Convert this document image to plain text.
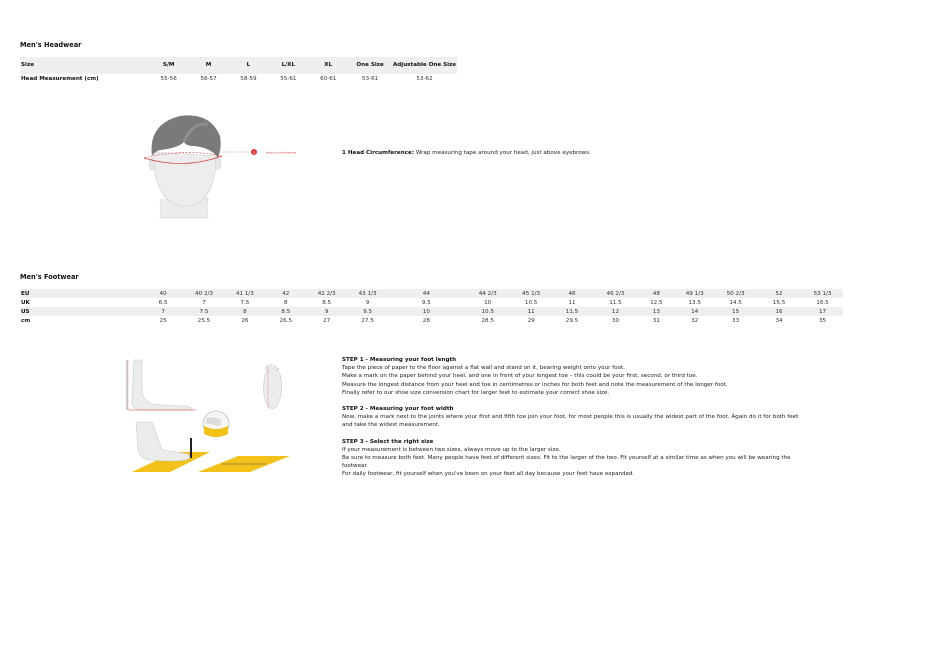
Men's Headwear
Size	S/M	M	L	L/XL	XL	One Size	Adjustable One Size
Head Measurement (cm)	55-56	56-57	58-59	55-61	60-61	53-61	53-62
1	Head circumference	1 Head Circumference: Wrap measuring tape around your head, just above eyebrows.
Men's Footwear
EU	40	40 2/3	41 1/3	42	42 2/3	43 1/3	44	44 2/3	45 1/3	46	46 2/3	48	49 1/3	50 2/3	52	53 1/3
UK	6.5	7	7.5	8	8.5	9	9.5	10	10.5	11	11.5	12.5	13.5	14.5	15.5	16.5
US	7	7.5	8	8.5	9	9.5	10	10.5	11	11.5	12	13	14	15	16	17
cm	25	25.5	26	26.5	27	27.5	28	28.5	29	29.5	30	31	32	33	34	35
STEP 1 - Measuring your foot length
Tape the piece of paper to the floor against a flat wall and stand on it, bearing weight onto your foot.
Make a mark on the paper behind your heel, and one in front of your longest toe – this could be your first, second, or third toe.
Measure the longest distance from your heel and toe in centimetres or inches for both feet and note the measurement of the longer foot.
Finally refer to our shoe size conversion chart for larger feet to estimate your correct shoe size.
STEP 2 - Measuring your foot width
Now, make a mark next to the joints where your first and fifth toe join your foot, for most people this is usually the widest part of the foot. Again do it for both feet and take the widest measurement.
STEP 3 - Select the right size
If your measurement is between two sizes, always move up to the larger size.
Be sure to measure both feet. Many people have feet of different sizes. Fit to the larger of the two. Fit yourself at a similar time as when you will be wearing the footwear.
For daily footwear, fit yourself when you've been on your feet all day because your feet have expanded.
